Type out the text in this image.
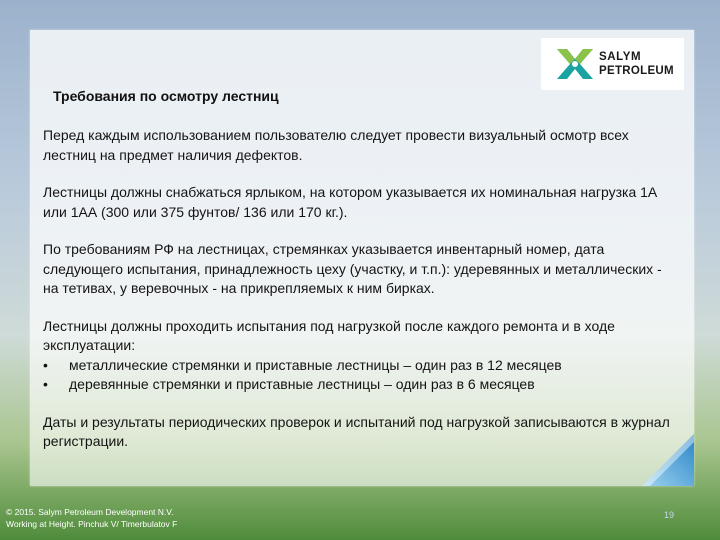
SALYM
PETROLEUM
Требования по осмотру лестниц

Перед каждым использованием пользователю следует провести визуальный осмотр всех лестниц на предмет наличия дефектов.

Лестницы должны снабжаться ярлыком, на котором указывается их номинальная нагрузка 1А или 1АА (300 или 375 фунтов/ 136 или 170 кг.).

По требованиям РФ на лестницах, стремянках указывается инвентарный номер, дата следующего испытания, принадлежность цеху (участку, и т.п.): удеревянных и металлических - на тетивах, у веревочных - на прикрепляемых к ним бирках.

Лестницы должны проходить испытания под нагрузкой после каждого ремонта и в ходе эксплуатации:
•	металлические стремянки и приставные лестницы – один раз в 12 месяцев
•	деревянные стремянки и приставные лестницы – один раз в 6 месяцев

Даты и результаты периодических проверок и испытаний под нагрузкой записываются в журнал регистрации.

© 2015. Salym Petroleum Development N.V.
Working at Height. Pinchuk V/ Timerbulatov F
19
